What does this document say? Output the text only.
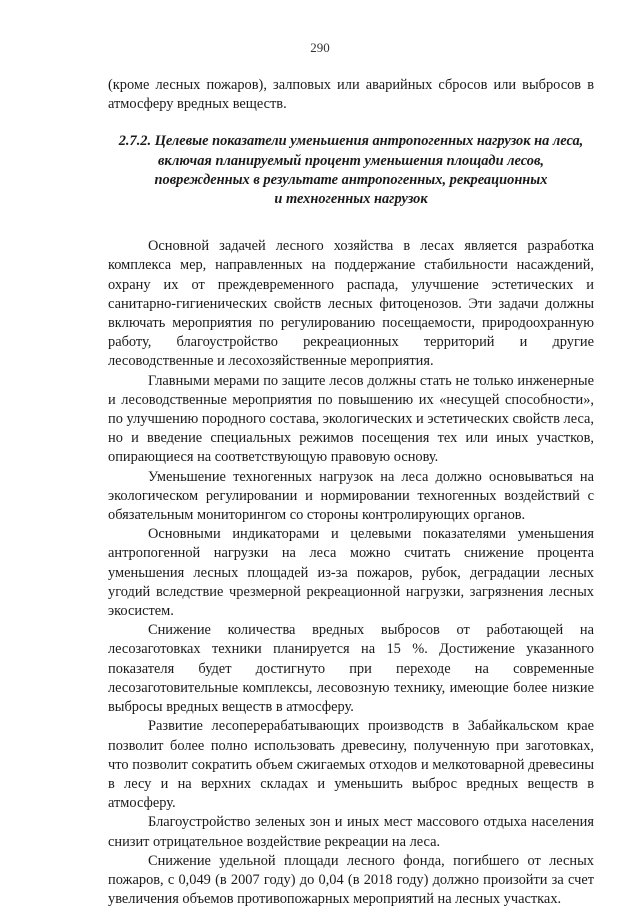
290

(кроме лесных пожаров), залповых или аварийных сбросов или выбросов в атмосферу вредных веществ.

2.7.2. Целевые показатели уменьшения антропогенных нагрузок на леса,
включая планируемый процент уменьшения площади лесов,
поврежденных в результате антропогенных, рекреационных
и техногенных нагрузок

Основной задачей лесного хозяйства в лесах является разработка комплекса мер, направленных на поддержание стабильности насаждений, охрану их от преждевременного распада, улучшение эстетических и санитарно-гигиенических свойств лесных фитоценозов. Эти задачи должны включать мероприятия по регулированию посещаемости, природоохранную работу, благоустройство рекреационных территорий и другие лесоводственные и лесохозяйственные мероприятия.

Главными мерами по защите лесов должны стать не только инженерные и лесоводственные мероприятия по повышению их «несущей способности», по улучшению породного состава, экологических и эстетических свойств леса, но и введение специальных режимов посещения тех или иных участков, опирающиеся на соответствующую правовую основу.

Уменьшение техногенных нагрузок на леса должно основываться на экологическом регулировании и нормировании техногенных воздействий с обязательным мониторингом со стороны контролирующих органов.

Основными индикаторами и целевыми показателями уменьшения антропогенной нагрузки на леса можно считать снижение процента уменьшения лесных площадей из-за пожаров, рубок, деградации лесных угодий вследствие чрезмерной рекреационной нагрузки, загрязнения лесных экосистем.

Снижение количества вредных выбросов от работающей на лесозаготовках техники планируется на 15 %. Достижение указанного показателя будет достигнуто при переходе на современные лесозаготовительные комплексы, лесовозную технику, имеющие более низкие выбросы вредных веществ в атмосферу.

Развитие лесоперерабатывающих производств в Забайкальском крае позволит более полно использовать древесину, полученную при заготовках, что позволит сократить объем сжигаемых отходов и мелкотоварной древесины в лесу и на верхних складах и уменьшить выброс вредных веществ в атмосферу.

Благоустройство зеленых зон и иных мест массового отдыха населения снизит отрицательное воздействие рекреации на леса.

Снижение удельной площади лесного фонда, погибшего от лесных пожаров, с 0,049 (в 2007 году) до 0,04 (в 2018 году) должно произойти за счет увеличения объемов противопожарных мероприятий на лесных участках.
